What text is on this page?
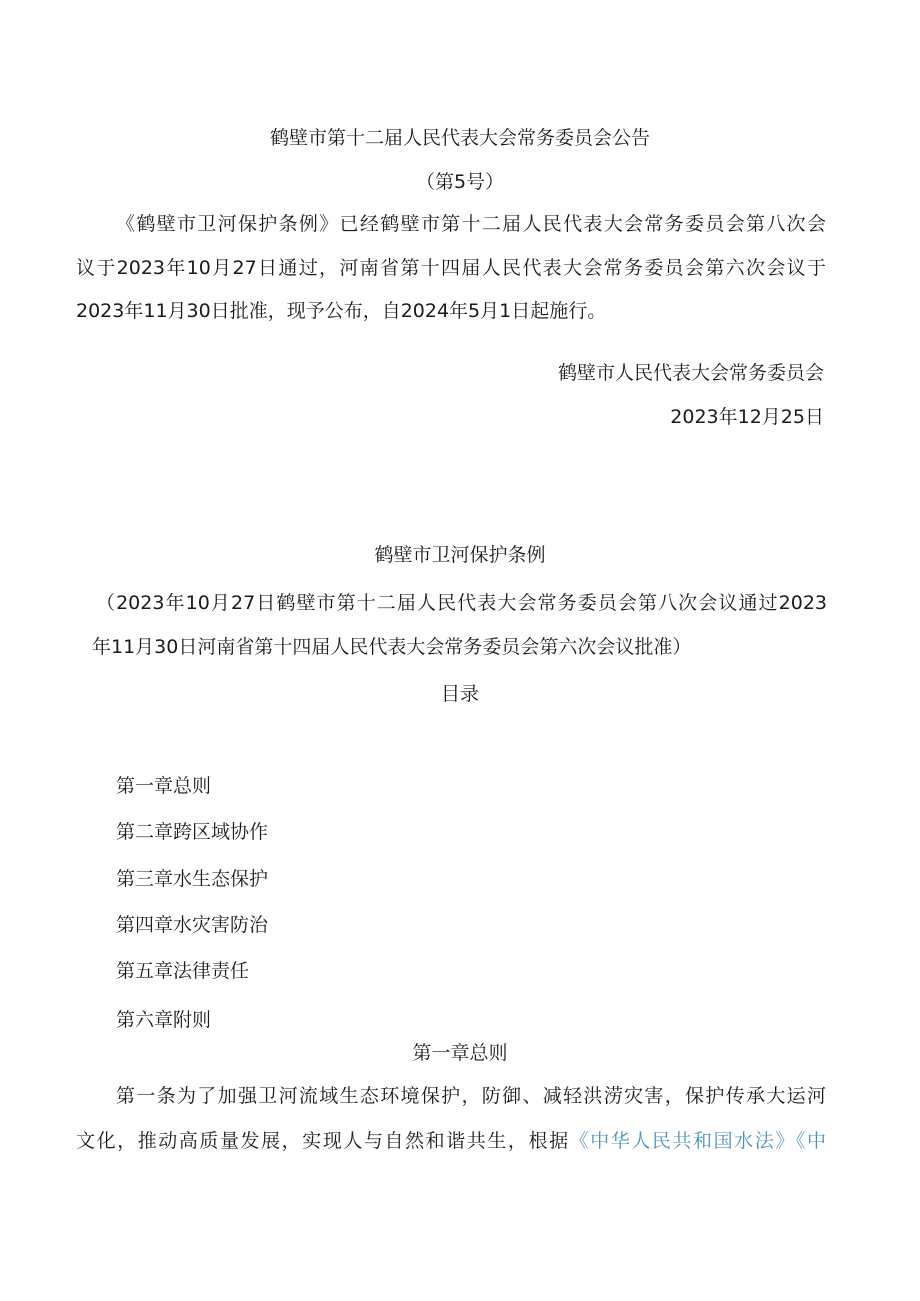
鹤壁市第十二届人民代表大会常务委员会公告

（第5号）

《鹤壁市卫河保护条例》已经鹤壁市第十二届人民代表大会常务委员会第八次会

议于2023年10月27日通过，河南省第十四届人民代表大会常务委员会第六次会议于

2023年11月30日批准，现予公布，自2024年5月1日起施行。

鹤壁市人民代表大会常务委员会

2023年12月25日

鹤壁市卫河保护条例

（2023年10月27日鹤壁市第十二届人民代表大会常务委员会第八次会议通过2023

年11月30日河南省第十四届人民代表大会常务委员会第六次会议批准）

目录

第一章总则

第二章跨区域协作

第三章水生态保护

第四章水灾害防治

第五章法律责任

第六章附则

第一章总则

第一条为了加强卫河流域生态环境保护，防御、减轻洪涝灾害，保护传承大运河

文化，推动高质量发展，实现人与自然和谐共生，根据《中华人民共和国水法》《中
